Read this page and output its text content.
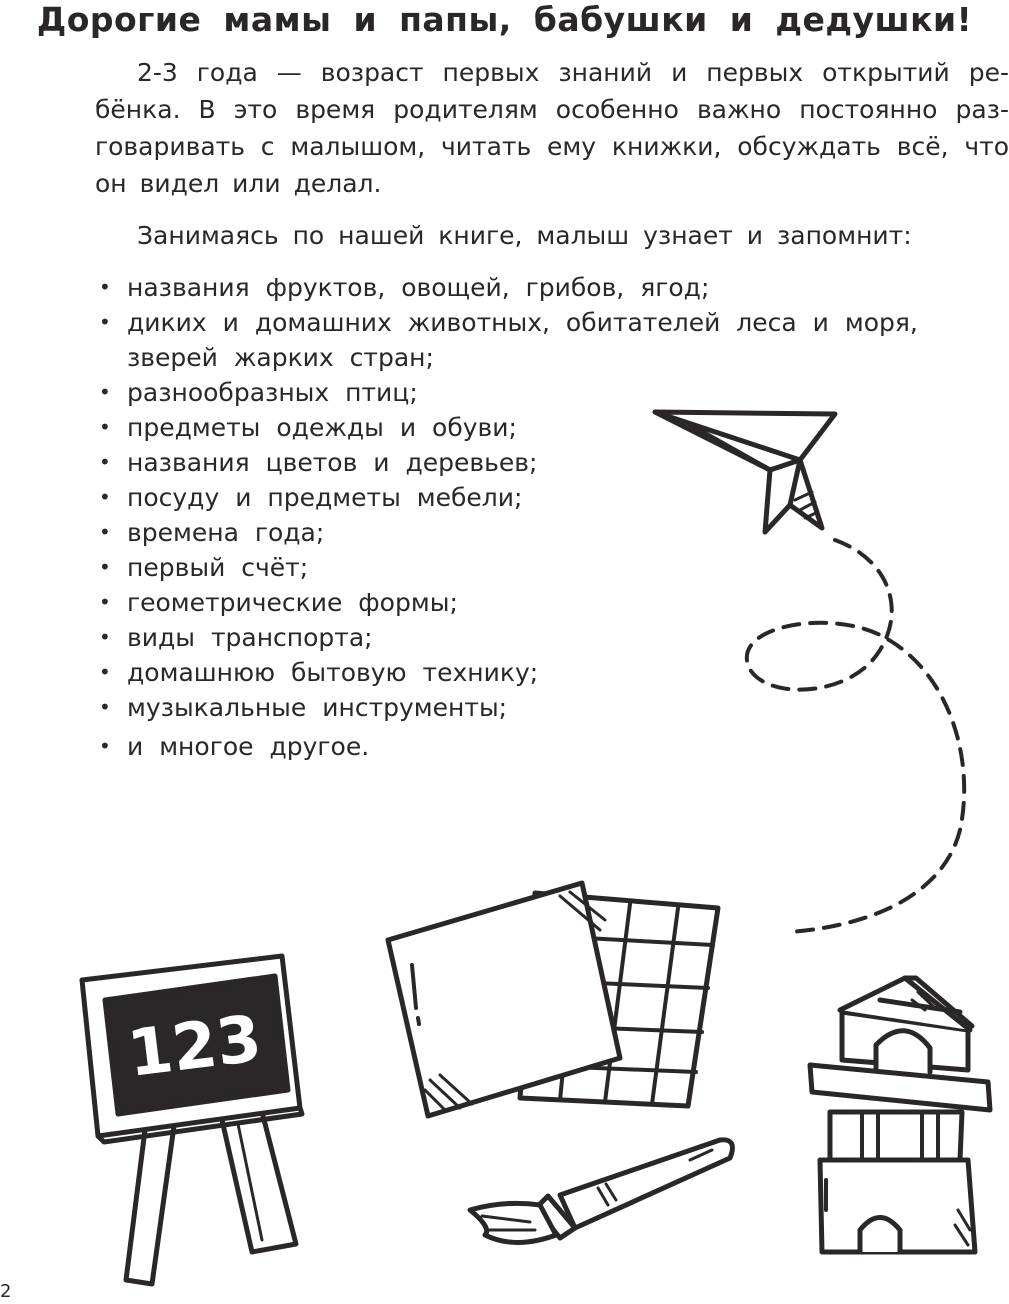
Дорогие мамы и папы, бабушки и дедушки!

2-3 года — возраст первых знаний и первых открытий ре-
бёнка. В это время родителям особенно важно постоянно раз-
говаривать с малышом, читать ему книжки, обсуждать всё, что
он видел или делал.

Занимаясь по нашей книге, малыш узнает и запомнит:
• названия фруктов, овощей, грибов, ягод;
• диких и домашних животных, обитателей леса и моря,
зверей жарких стран;
• разнообразных птиц;
• предметы одежды и обуви;
• названия цветов и деревьев;
• посуду и предметы мебели;
• времена года;
• первый счёт;
• геометрические формы;
• виды транспорта;
• домашнюю бытовую технику;
• музыкальные инструменты;
• и многое другое.
123
2
